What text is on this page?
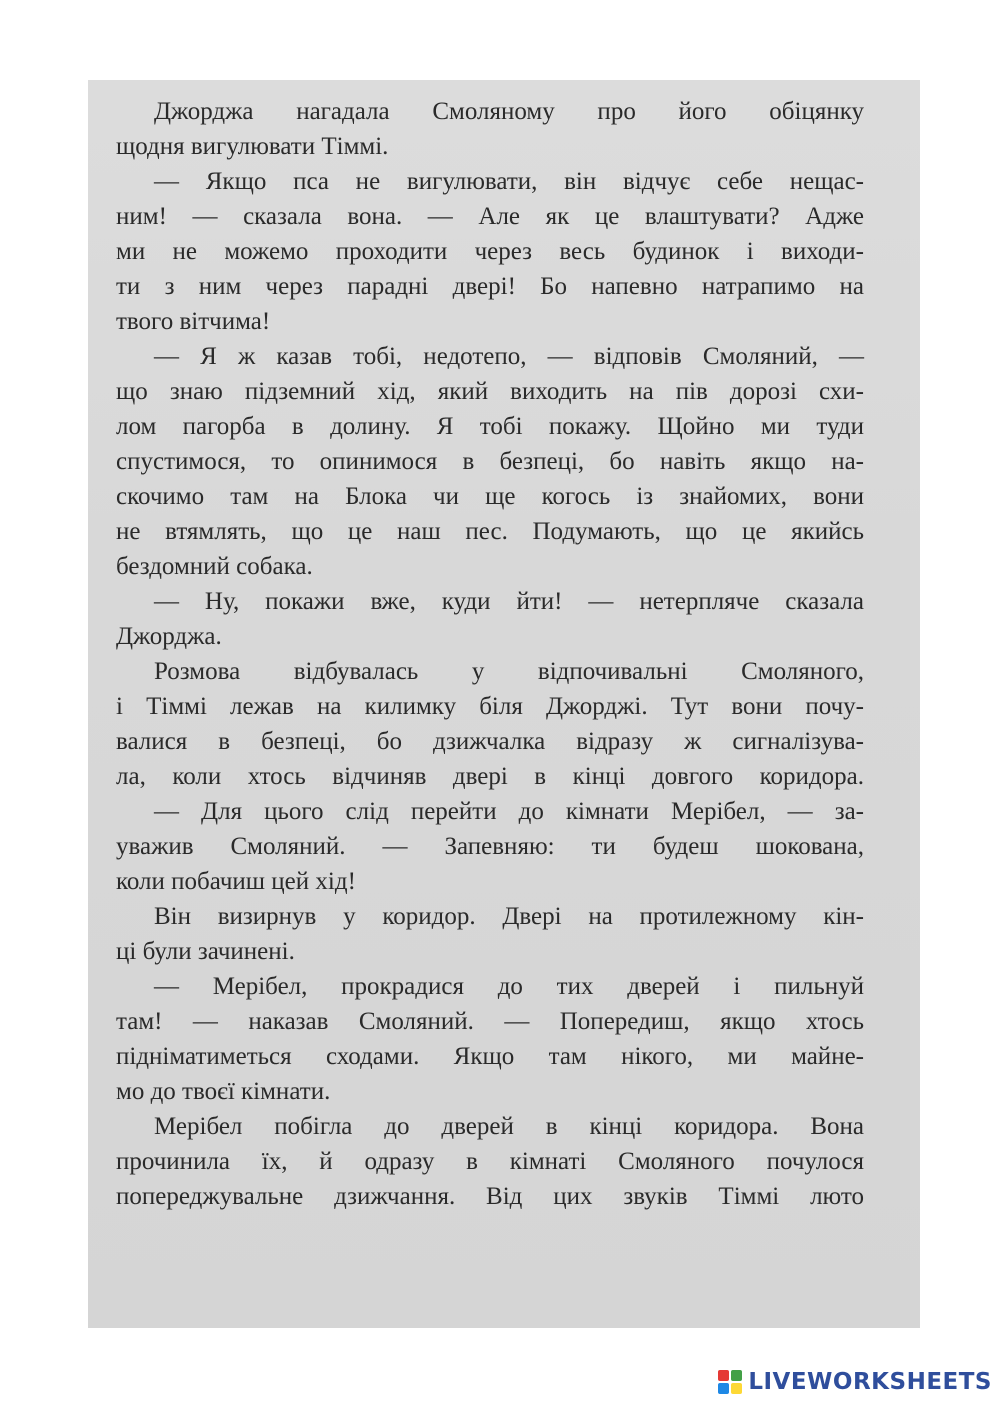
Джорджа нагадала Смоляному про його обіцянку
щодня вигулювати Тіммі.
— Якщо пса не вигулювати, він відчує себе нещас-
ним! — сказала вона. — Але як це влаштувати? Адже
ми не можемо проходити через весь будинок і виходи-
ти з ним через парадні двері! Бо напевно натрапимо на
твого вітчима!
— Я ж казав тобі, недотепо, — відповів Смоляний, —
що знаю підземний хід, який виходить на пів дорозі схи-
лом пагорба в долину. Я тобі покажу. Щойно ми туди
спустимося, то опинимося в безпеці, бо навіть якщо на-
скочимо там на Блока чи ще когось із знайомих, вони
не втямлять, що це наш пес. Подумають, що це якийсь
бездомний собака.
— Ну, покажи вже, куди йти! — нетерпляче сказала
Джорджа.
Розмова відбувалась у відпочивальні Смоляного,
і Тіммі лежав на килимку біля Джорджі. Тут вони почу-
валися в безпеці, бо дзижчалка відразу ж сигналізува-
ла, коли хтось відчиняв двері в кінці довгого коридора.
— Для цього слід перейти до кімнати Мерібел, — за-
уважив Смоляний. — Запевняю: ти будеш шокована,
коли побачиш цей хід!
Він визирнув у коридор. Двері на протилежному кін-
ці були зачинені.
— Мерібел, прокрадися до тих дверей і пильнуй
там! — наказав Смоляний. — Попередиш, якщо хтось
підніматиметься сходами. Якщо там нікого, ми майне-
мо до твоєї кімнати.
Мерібел побігла до дверей в кінці коридора. Вона
прочинила їх, й одразу в кімнаті Смоляного почулося
попереджувальне дзижчання. Від цих звуків Тіммі люто
LIVEWORKSHEETS
